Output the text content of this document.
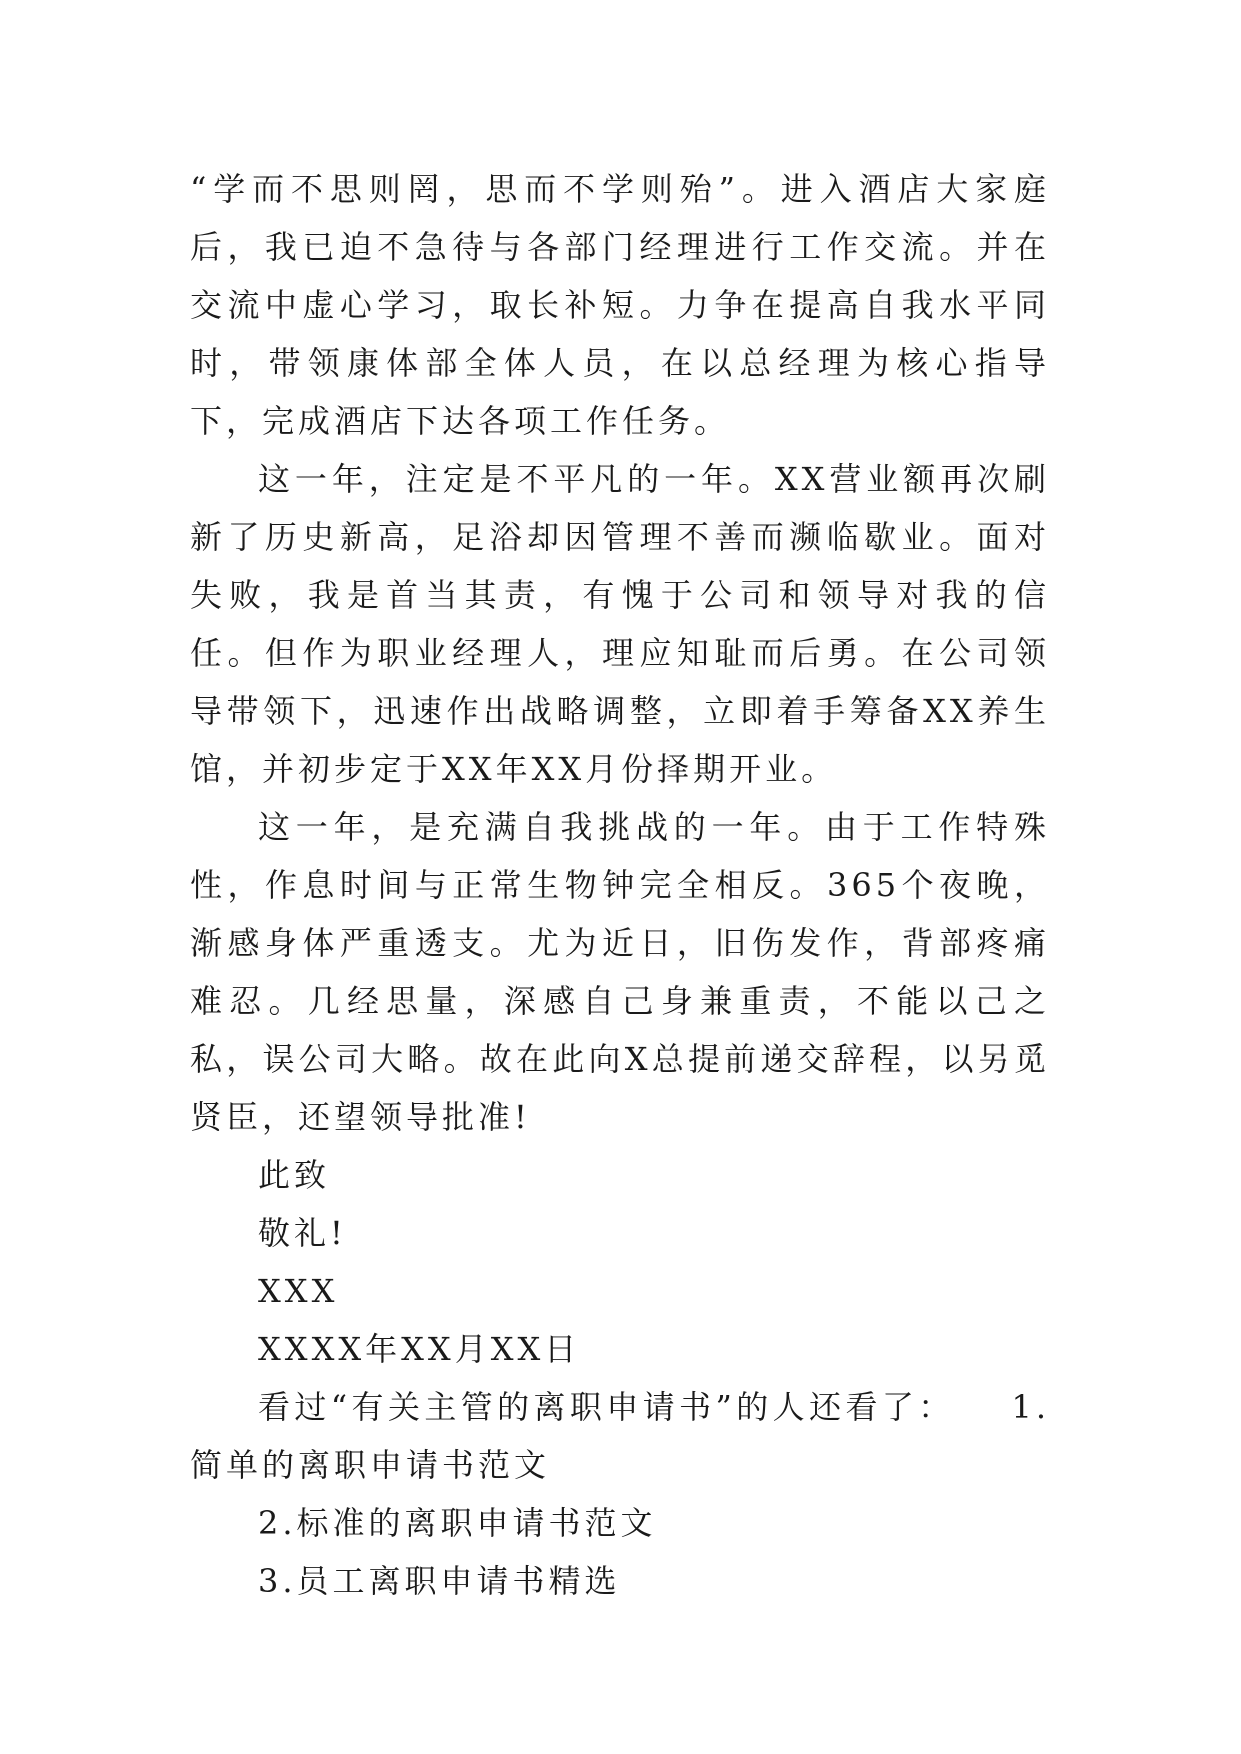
“学而不思则罔，思而不学则殆”。进入酒店大家庭后，我已迫不急待与各部门经理进行工作交流。并在交流中虚心学习，取长补短。力争在提高自我水平同时，带领康体部全体人员，在以总经理为核心指导下，完成酒店下达各项工作任务。

这一年，注定是不平凡的一年。XX营业额再次刷新了历史新高，足浴却因管理不善而濒临歇业。面对失败，我是首当其责，有愧于公司和领导对我的信任。但作为职业经理人，理应知耻而后勇。在公司领导带领下，迅速作出战略调整，立即着手筹备XX养生馆，并初步定于XX年XX月份择期开业。

这一年，是充满自我挑战的一年。由于工作特殊性，作息时间与正常生物钟完全相反。365个夜晚，渐感身体严重透支。尤为近日，旧伤发作，背部疼痛难忍。几经思量，深感自己身兼重责，不能以己之私，误公司大略。故在此向X总提前递交辞程，以另觅贤臣，还望领导批准!

此致

敬礼!

XXX

XXXX年XX月XX日

看过“有关主管的离职申请书”的人还看了：　　1.简单的离职申请书范文

2.标准的离职申请书范文

3.员工离职申请书精选
